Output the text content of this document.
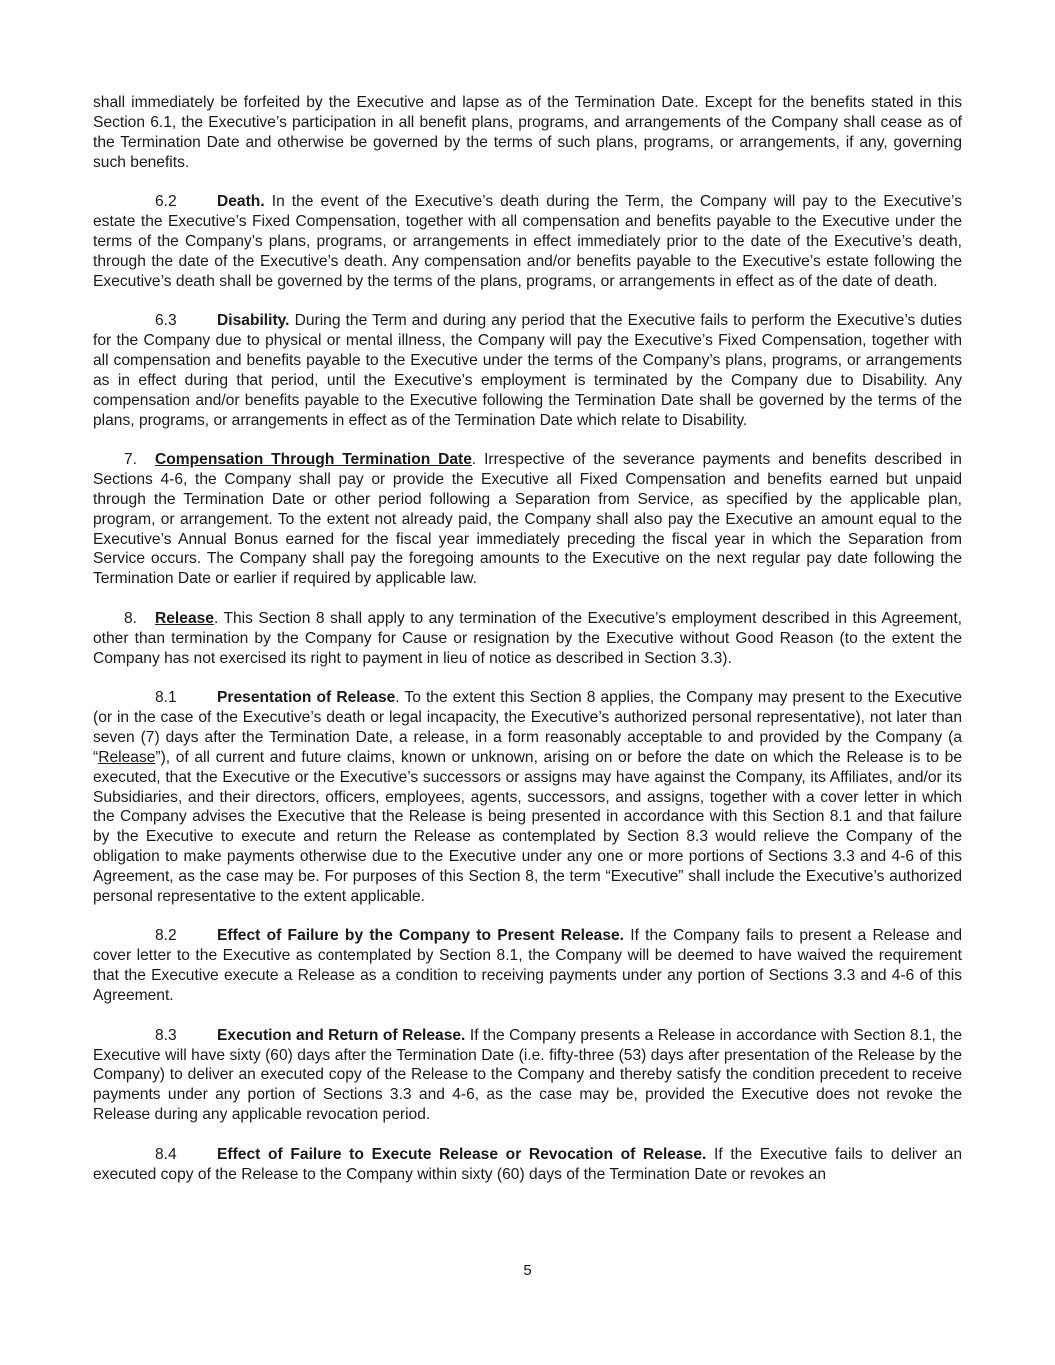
shall immediately be forfeited by the Executive and lapse as of the Termination Date. Except for the benefits stated in this Section 6.1, the Executive’s participation in all benefit plans, programs, and arrangements of the Company shall cease as of the Termination Date and otherwise be governed by the terms of such plans, programs, or arrangements, if any, governing such benefits.

6.2	Death. In the event of the Executive’s death during the Term, the Company will pay to the Executive’s estate the Executive’s Fixed Compensation, together with all compensation and benefits payable to the Executive under the terms of the Company’s plans, programs, or arrangements in effect immediately prior to the date of the Executive’s death, through the date of the Executive’s death. Any compensation and/or benefits payable to the Executive’s estate following the Executive’s death shall be governed by the terms of the plans, programs, or arrangements in effect as of the date of death.

6.3	Disability. During the Term and during any period that the Executive fails to perform the Executive’s duties for the Company due to physical or mental illness, the Company will pay the Executive’s Fixed Compensation, together with all compensation and benefits payable to the Executive under the terms of the Company’s plans, programs, or arrangements as in effect during that period, until the Executive’s employment is terminated by the Company due to Disability. Any compensation and/or benefits payable to the Executive following the Termination Date shall be governed by the terms of the plans, programs, or arrangements in effect as of the Termination Date which relate to Disability.

7. Compensation Through Termination Date. Irrespective of the severance payments and benefits described in Sections 4-6, the Company shall pay or provide the Executive all Fixed Compensation and benefits earned but unpaid through the Termination Date or other period following a Separation from Service, as specified by the applicable plan, program, or arrangement. To the extent not already paid, the Company shall also pay the Executive an amount equal to the Executive’s Annual Bonus earned for the fiscal year immediately preceding the fiscal year in which the Separation from Service occurs. The Company shall pay the foregoing amounts to the Executive on the next regular pay date following the Termination Date or earlier if required by applicable law.

8. Release. This Section 8 shall apply to any termination of the Executive’s employment described in this Agreement, other than termination by the Company for Cause or resignation by the Executive without Good Reason (to the extent the Company has not exercised its right to payment in lieu of notice as described in Section 3.3).

8.1	Presentation of Release. To the extent this Section 8 applies, the Company may present to the Executive (or in the case of the Executive’s death or legal incapacity, the Executive’s authorized personal representative), not later than seven (7) days after the Termination Date, a release, in a form reasonably acceptable to and provided by the Company (a “Release”), of all current and future claims, known or unknown, arising on or before the date on which the Release is to be executed, that the Executive or the Executive’s successors or assigns may have against the Company, its Affiliates, and/or its Subsidiaries, and their directors, officers, employees, agents, successors, and assigns, together with a cover letter in which the Company advises the Executive that the Release is being presented in accordance with this Section 8.1 and that failure by the Executive to execute and return the Release as contemplated by Section 8.3 would relieve the Company of the obligation to make payments otherwise due to the Executive under any one or more portions of Sections 3.3 and 4-6 of this Agreement, as the case may be. For purposes of this Section 8, the term “Executive” shall include the Executive’s authorized personal representative to the extent applicable.

8.2	Effect of Failure by the Company to Present Release. If the Company fails to present a Release and cover letter to the Executive as contemplated by Section 8.1, the Company will be deemed to have waived the requirement that the Executive execute a Release as a condition to receiving payments under any portion of Sections 3.3 and 4-6 of this Agreement.

8.3	Execution and Return of Release. If the Company presents a Release in accordance with Section 8.1, the Executive will have sixty (60) days after the Termination Date (i.e. fifty-three (53) days after presentation of the Release by the Company) to deliver an executed copy of the Release to the Company and thereby satisfy the condition precedent to receive payments under any portion of Sections 3.3 and 4-6, as the case may be, provided the Executive does not revoke the Release during any applicable revocation period.

8.4	Effect of Failure to Execute Release or Revocation of Release. If the Executive fails to deliver an executed copy of the Release to the Company within sixty (60) days of the Termination Date or revokes an

5
